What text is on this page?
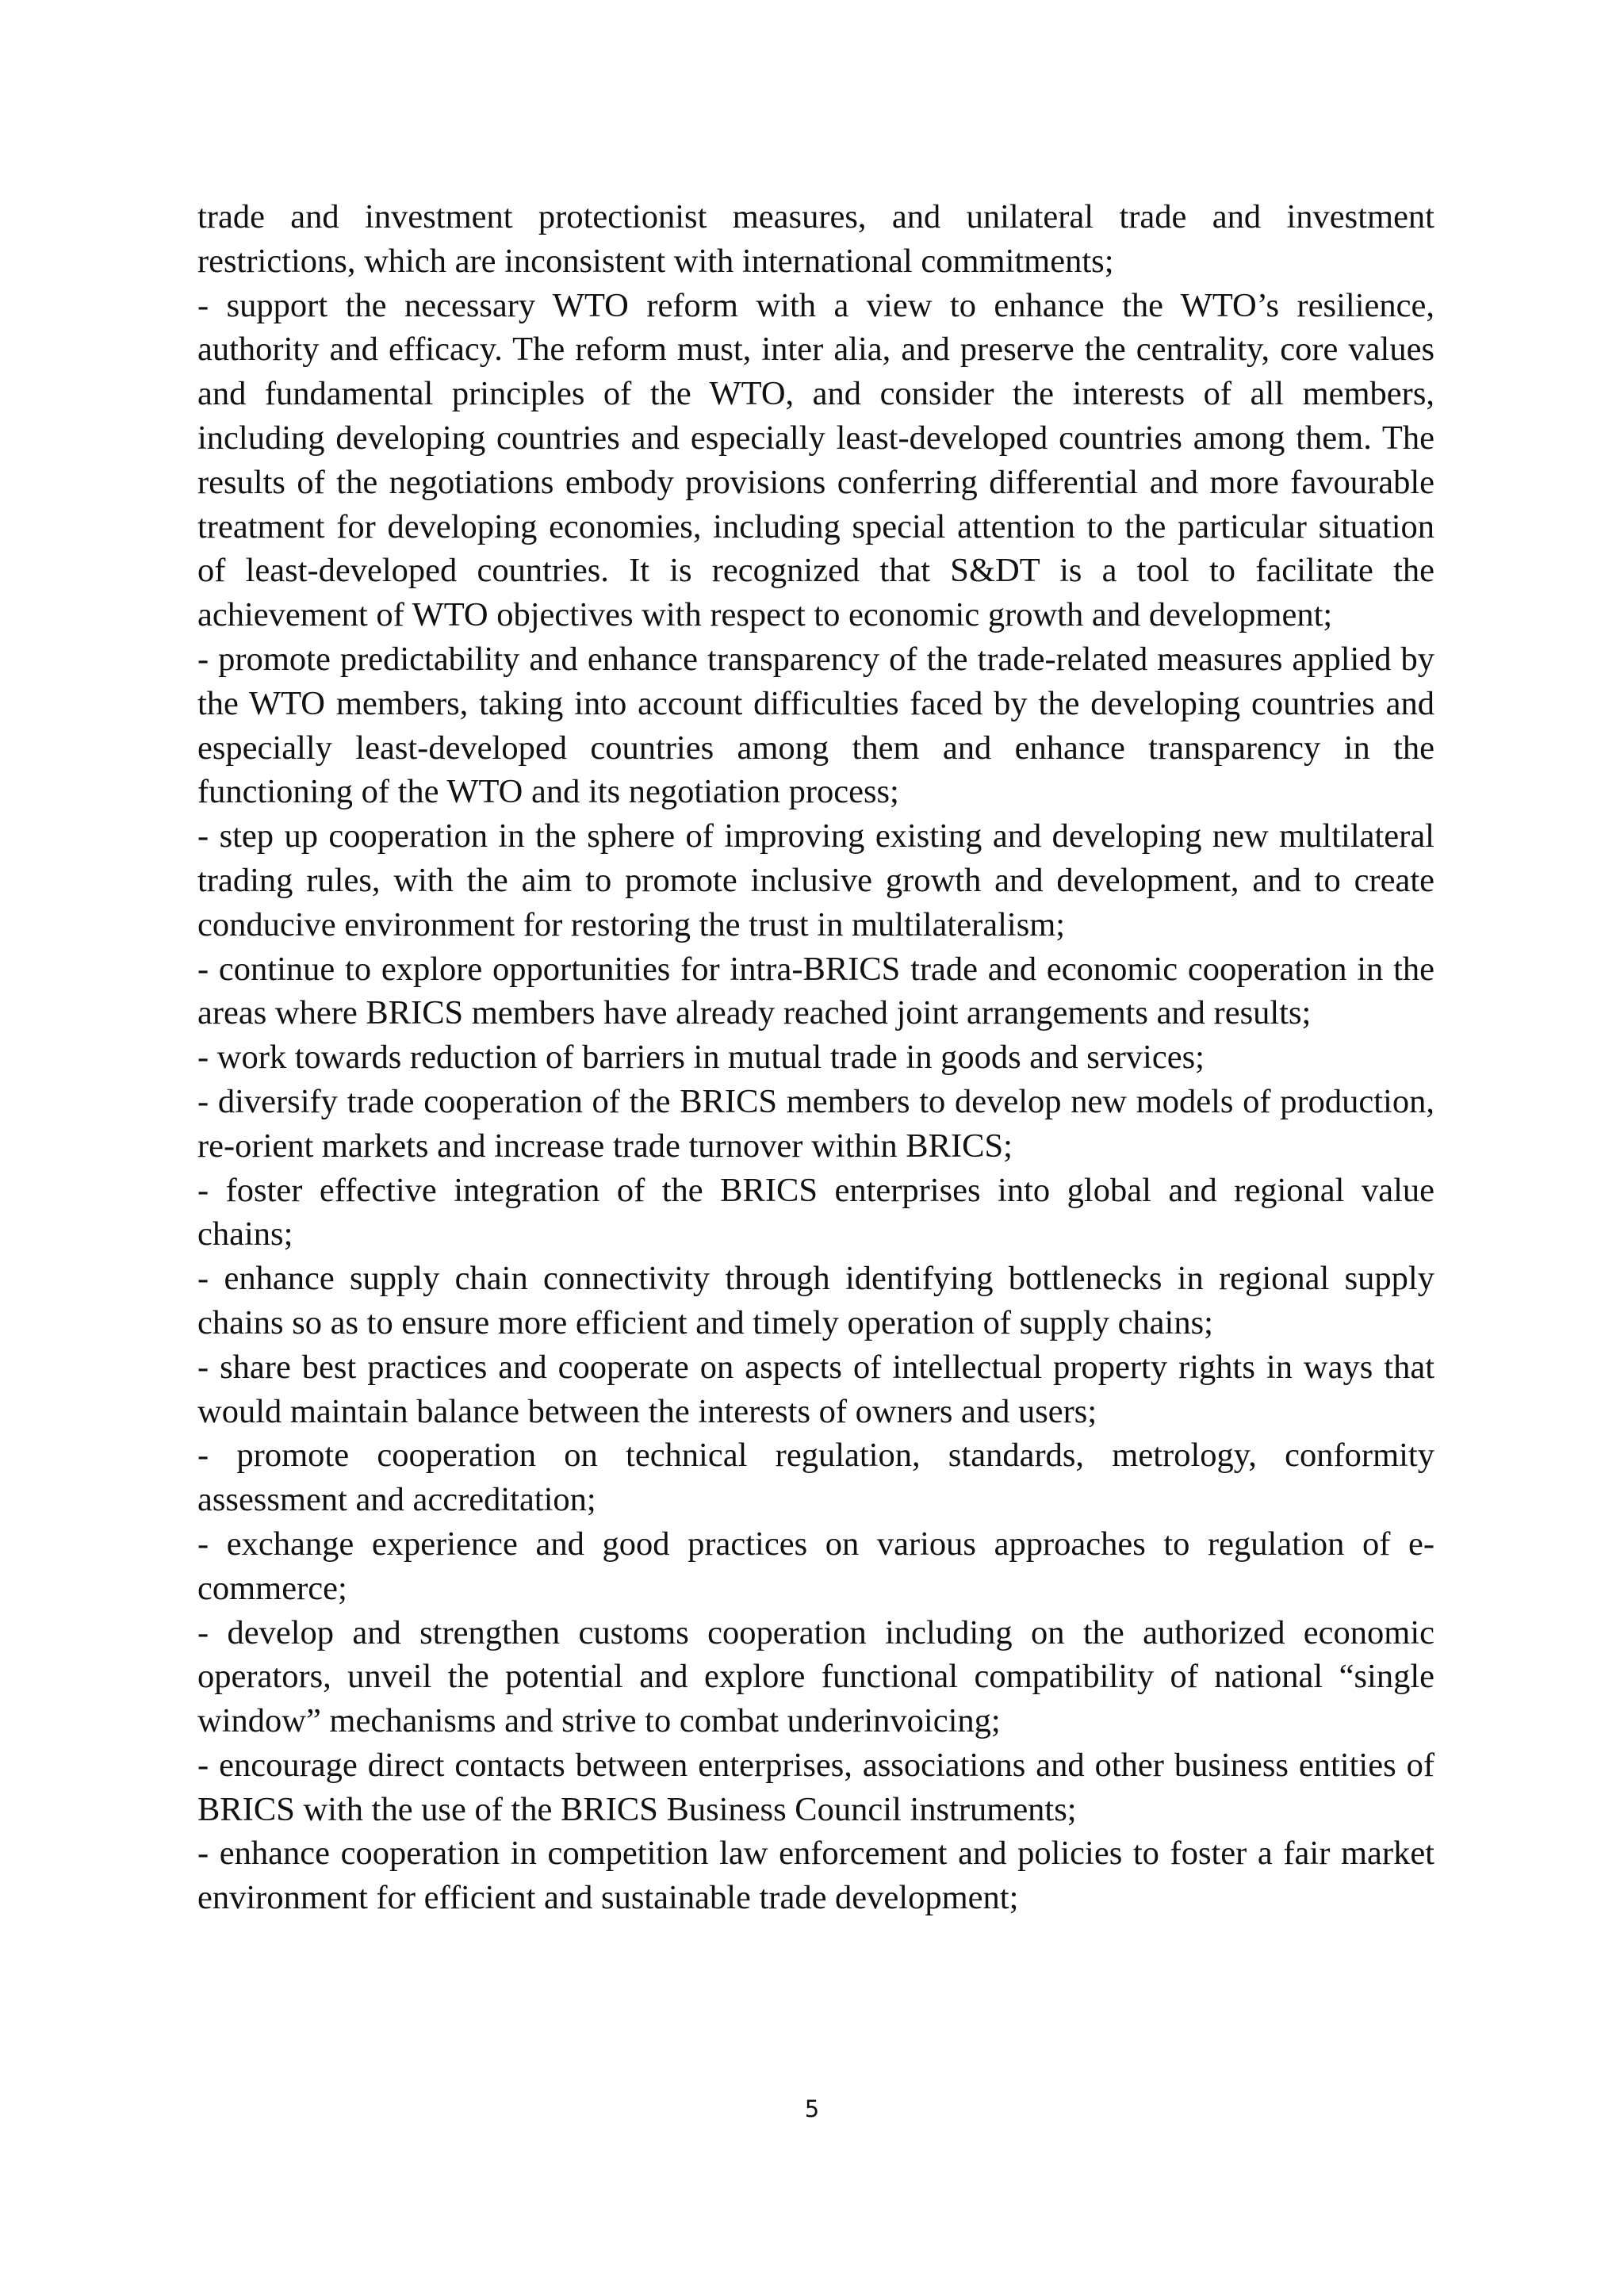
trade and investment protectionist measures, and unilateral trade and investment restrictions, which are inconsistent with international commitments;

- support the necessary WTO reform with a view to enhance the WTO’s resilience, authority and efficacy. The reform must, inter alia, and preserve the centrality, core values and fundamental principles of the WTO, and consider the interests of all members, including developing countries and especially least-developed countries among them. The results of the negotiations embody provisions conferring differential and more favourable treatment for developing economies, including special attention to the particular situation of least-developed countries. It is recognized that S&DT is a tool to facilitate the achievement of WTO objectives with respect to economic growth and development;

- promote predictability and enhance transparency of the trade-related measures applied by the WTO members, taking into account difficulties faced by the developing countries and especially least-developed countries among them and enhance transparency in the functioning of the WTO and its negotiation process;

- step up cooperation in the sphere of improving existing and developing new multilateral trading rules, with the aim to promote inclusive growth and development, and to create conducive environment for restoring the trust in multilateralism;

- continue to explore opportunities for intra-BRICS trade and economic cooperation in the areas where BRICS members have already reached joint arrangements and results;

- work towards reduction of barriers in mutual trade in goods and services;

- diversify trade cooperation of the BRICS members to develop new models of production, re-orient markets and increase trade turnover within BRICS;

- foster effective integration of the BRICS enterprises into global and regional value chains;

- enhance supply chain connectivity through identifying bottlenecks in regional supply chains so as to ensure more efficient and timely operation of supply chains;

- share best practices and cooperate on aspects of intellectual property rights in ways that would maintain balance between the interests of owners and users;

- promote cooperation on technical regulation, standards, metrology, conformity assessment and accreditation;

- exchange experience and good practices on various approaches to regulation of e-commerce;

- develop and strengthen customs cooperation including on the authorized economic operators, unveil the potential and explore functional compatibility of national “single window” mechanisms and strive to combat underinvoicing;

- encourage direct contacts between enterprises, associations and other business entities of BRICS with the use of the BRICS Business Council instruments;

- enhance cooperation in competition law enforcement and policies to foster a fair market environment for efficient and sustainable trade development;

5
